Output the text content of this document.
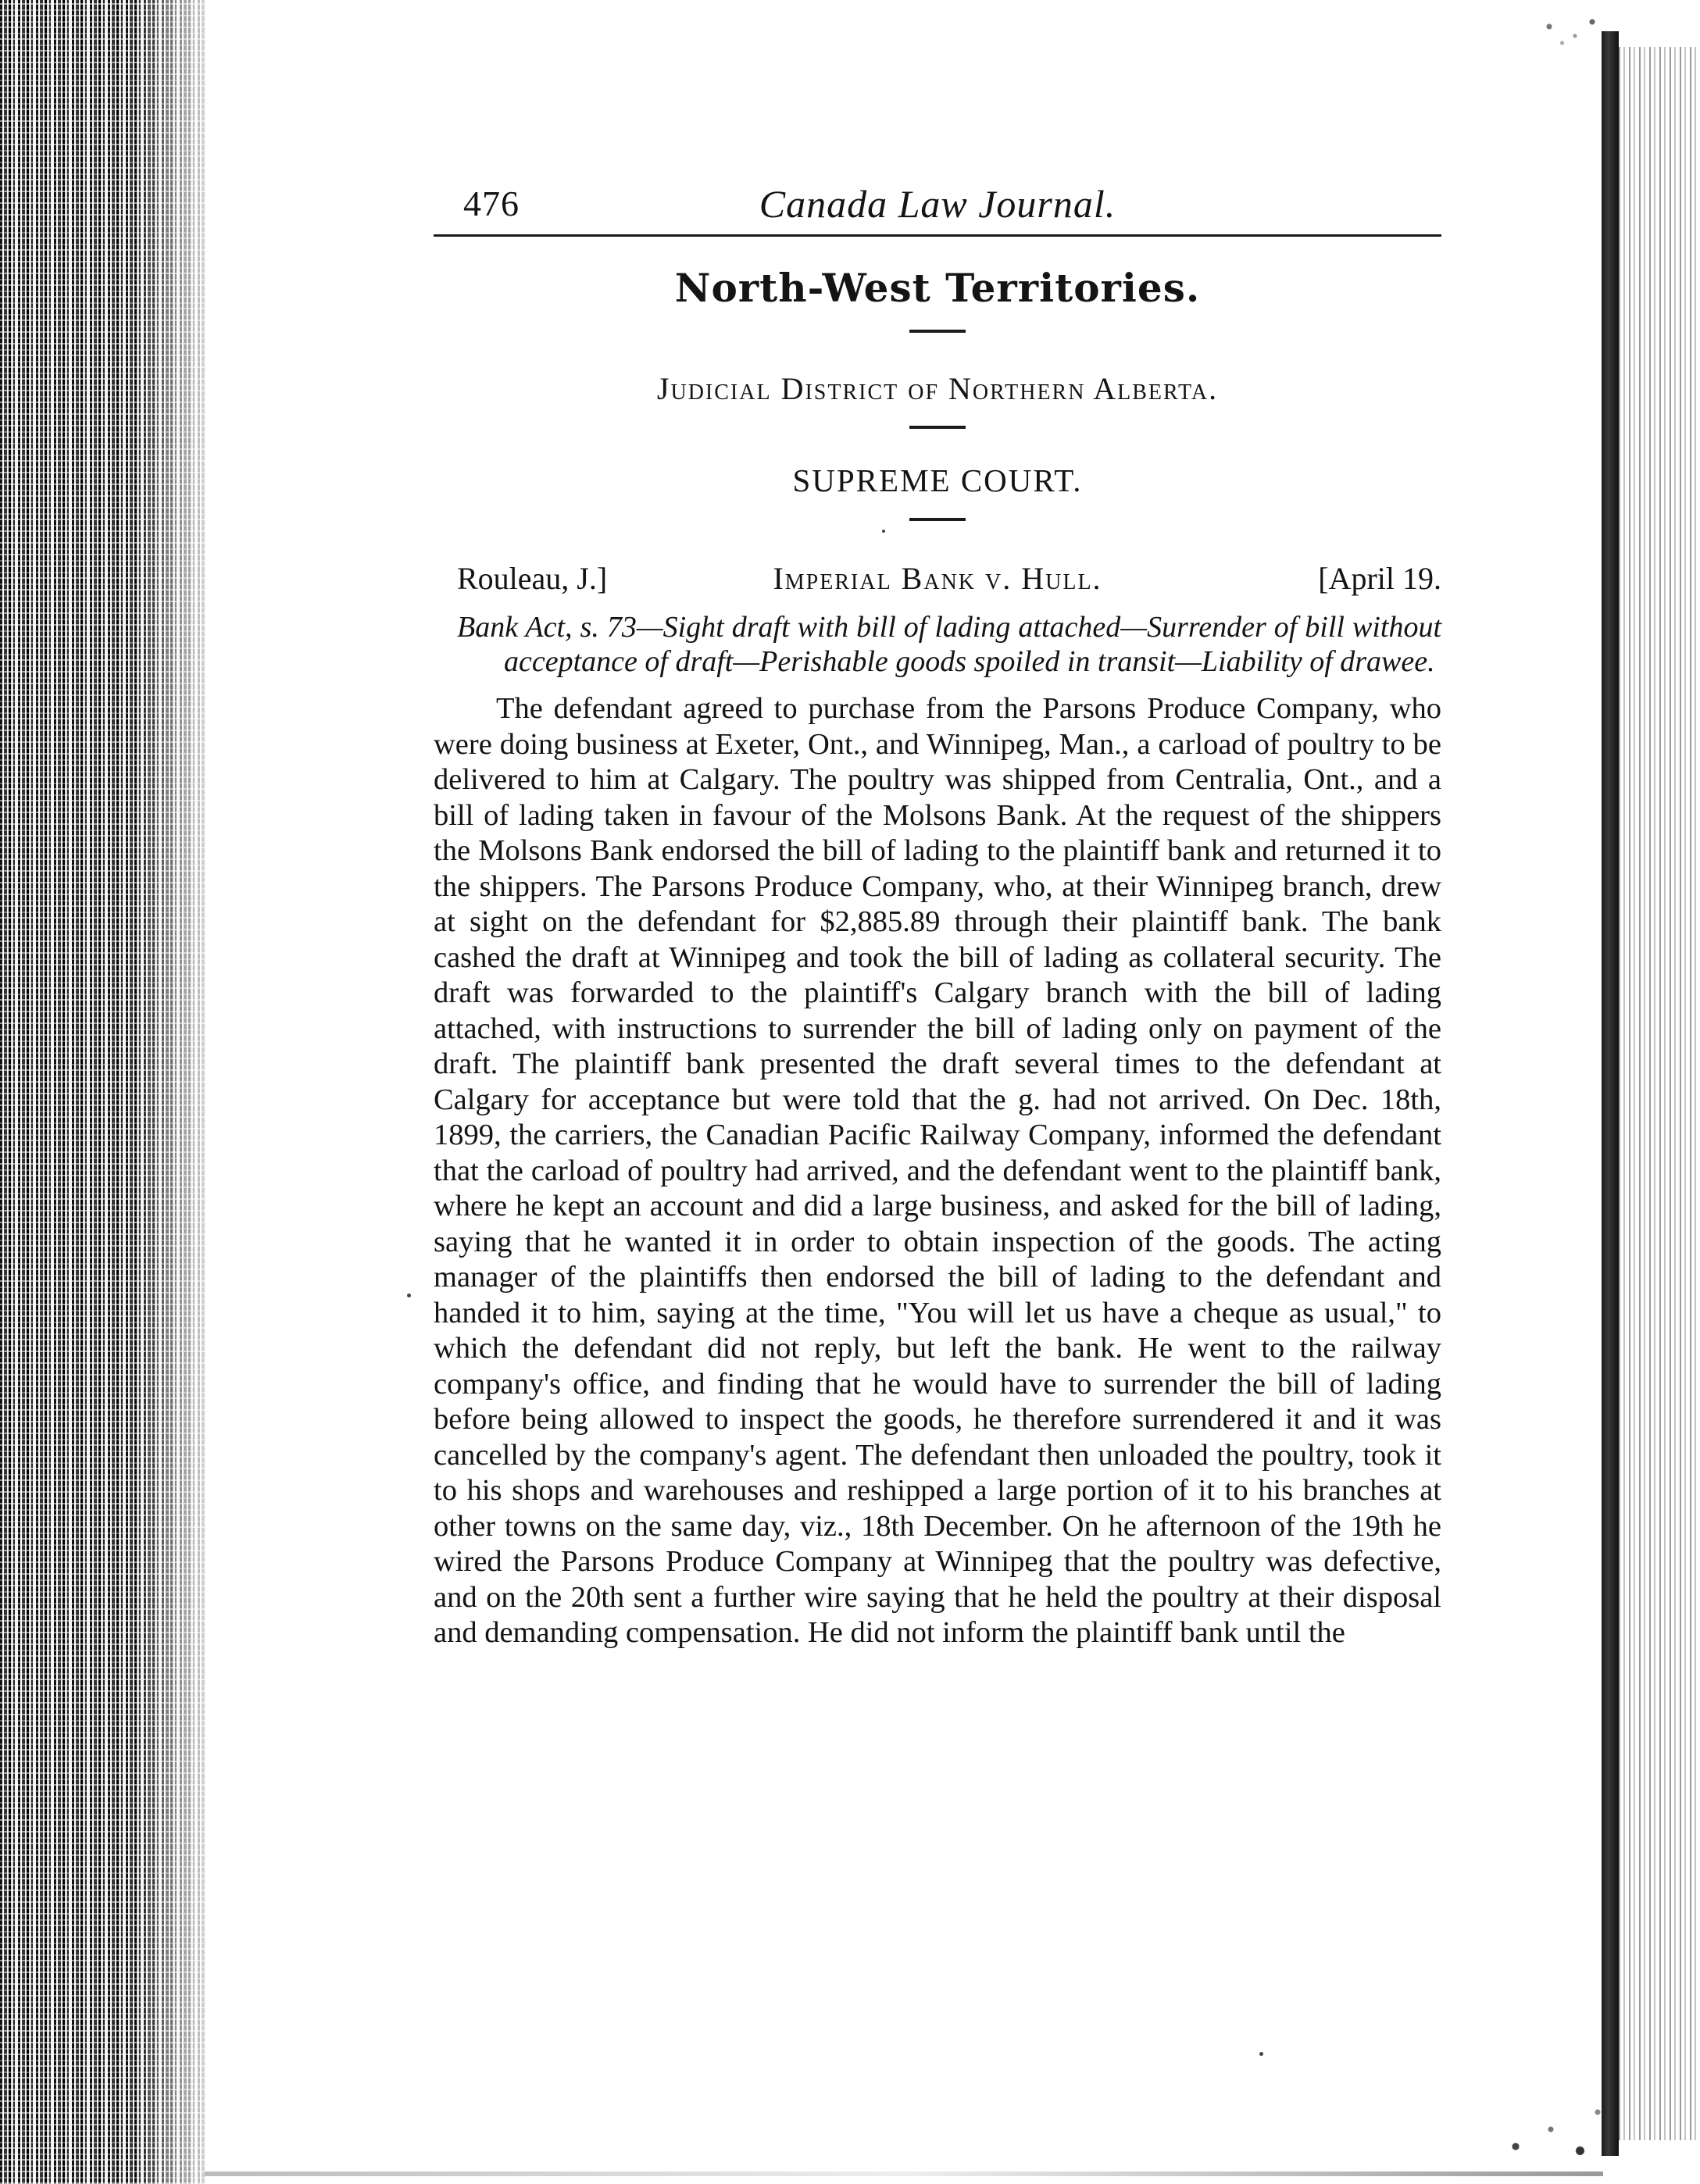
476	Canada Law Journal.
North-West Territories.
Judicial District of Northern Alberta.
SUPREME COURT.
Rouleau, J.]	Imperial Bank v. Hull.	[April 19.
Bank Act, s. 73—Sight draft with bill of lading attached—Surrender of bill without acceptance of draft—Perishable goods spoiled in transit—Liability of drawee.
The defendant agreed to purchase from the Parsons Produce Company, who were doing business at Exeter, Ont., and Winnipeg, Man., a carload of poultry to be delivered to him at Calgary. The poultry was shipped from Centralia, Ont., and a bill of lading taken in favour of the Molsons Bank. At the request of the shippers the Molsons Bank endorsed the bill of lading to the plaintiff bank and returned it to the shippers. The Parsons Produce Company, who, at their Winnipeg branch, drew at sight on the defendant for $2,885.89 through their plaintiff bank. The bank cashed the draft at Winnipeg and took the bill of lading as collateral security. The draft was forwarded to the plaintiff's Calgary branch with the bill of lading attached, with instructions to surrender the bill of lading only on payment of the draft. The plaintiff bank presented the draft several times to the defendant at Calgary for acceptance but were told that the g. had not arrived. On Dec. 18th, 1899, the carriers, the Canadian Pacific Railway Company, informed the defendant that the carload of poultry had arrived, and the defendant went to the plaintiff bank, where he kept an account and did a large business, and asked for the bill of lading, saying that he wanted it in order to obtain inspection of the goods. The acting manager of the plaintiffs then endorsed the bill of lading to the defendant and handed it to him, saying at the time, "You will let us have a cheque as usual," to which the defendant did not reply, but left the bank. He went to the railway company's office, and finding that he would have to surrender the bill of lading before being allowed to inspect the goods, he therefore surrendered it and it was cancelled by the company's agent. The defendant then unloaded the poultry, took it to his shops and warehouses and reshipped a large portion of it to his branches at other towns on the same day, viz., 18th December. On he afternoon of the 19th he wired the Parsons Produce Company at Winnipeg that the poultry was defective, and on the 20th sent a further wire saying that he held the poultry at their disposal and demanding compensation. He did not inform the plaintiff bank until the
